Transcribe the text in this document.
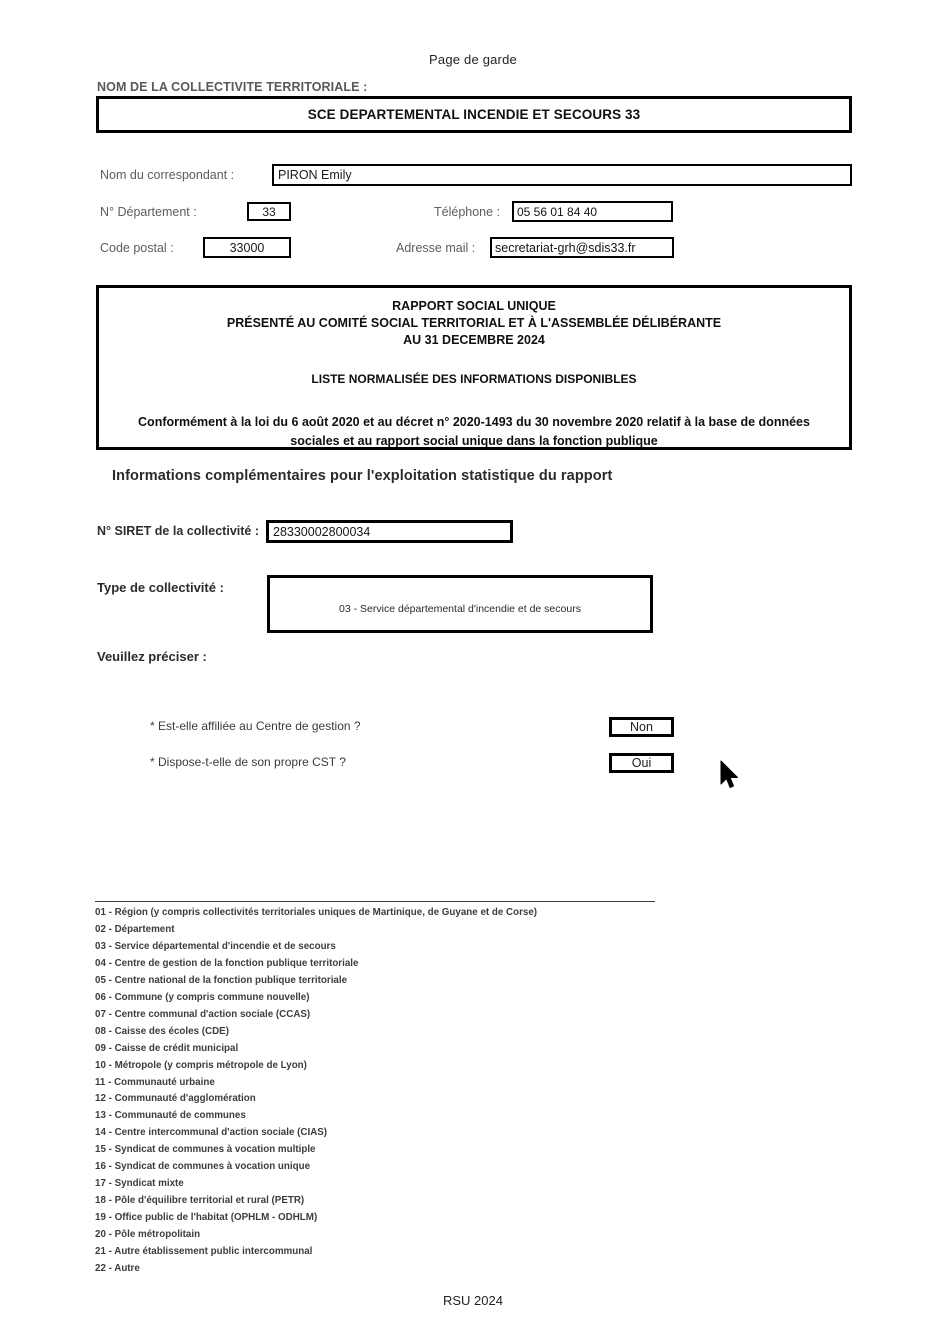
Page de garde
NOM DE LA COLLECTIVITE TERRITORIALE :
SCE DEPARTEMENTAL INCENDIE ET SECOURS 33
Nom du correspondant :	PIRON Emily
N° Département :	33	Téléphone : 05 56 01 84 40
Code postal :	33000	Adresse mail : secretariat-grh@sdis33.fr
RAPPORT SOCIAL UNIQUE
PRÉSENTÉ AU COMITÉ SOCIAL TERRITORIAL ET À L'ASSEMBLÉE DÉLIBÉRANTE
AU 31 DECEMBRE 2024
LISTE NORMALISÉE DES INFORMATIONS DISPONIBLES
Conformément à la loi du 6 août 2020 et au décret n° 2020-1493 du 30 novembre 2020 relatif à la base de données sociales et au rapport social unique dans la fonction publique
Informations complémentaires pour l'exploitation statistique du rapport
N° SIRET de la collectivité : 28330002800034
Type de collectivité :
03 - Service départemental d'incendie et de secours
Veuillez préciser :
* Est-elle affiliée au Centre de gestion ?	Non
* Dispose-t-elle de son propre CST ?	Oui
01 - Région (y compris collectivités territoriales uniques de Martinique, de Guyane et de Corse)
02 - Département
03 - Service départemental d'incendie et de secours
04 - Centre de gestion de la fonction publique territoriale
05 - Centre national de la fonction publique territoriale
06 - Commune (y compris commune nouvelle)
07 - Centre communal d'action sociale (CCAS)
08 - Caisse des écoles (CDE)
09 - Caisse de crédit municipal
10 - Métropole (y compris métropole de Lyon)
11 - Communauté urbaine
12 - Communauté d'agglomération
13 - Communauté de communes
14 - Centre intercommunal d'action sociale (CIAS)
15 - Syndicat de communes à vocation multiple
16 - Syndicat de communes à vocation unique
17 - Syndicat mixte
18 - Pôle d'équilibre territorial et rural (PETR)
19 - Office public de l'habitat (OPHLM - ODHLM)
20 - Pôle métropolitain
21 - Autre établissement public intercommunal
22 - Autre
RSU 2024
